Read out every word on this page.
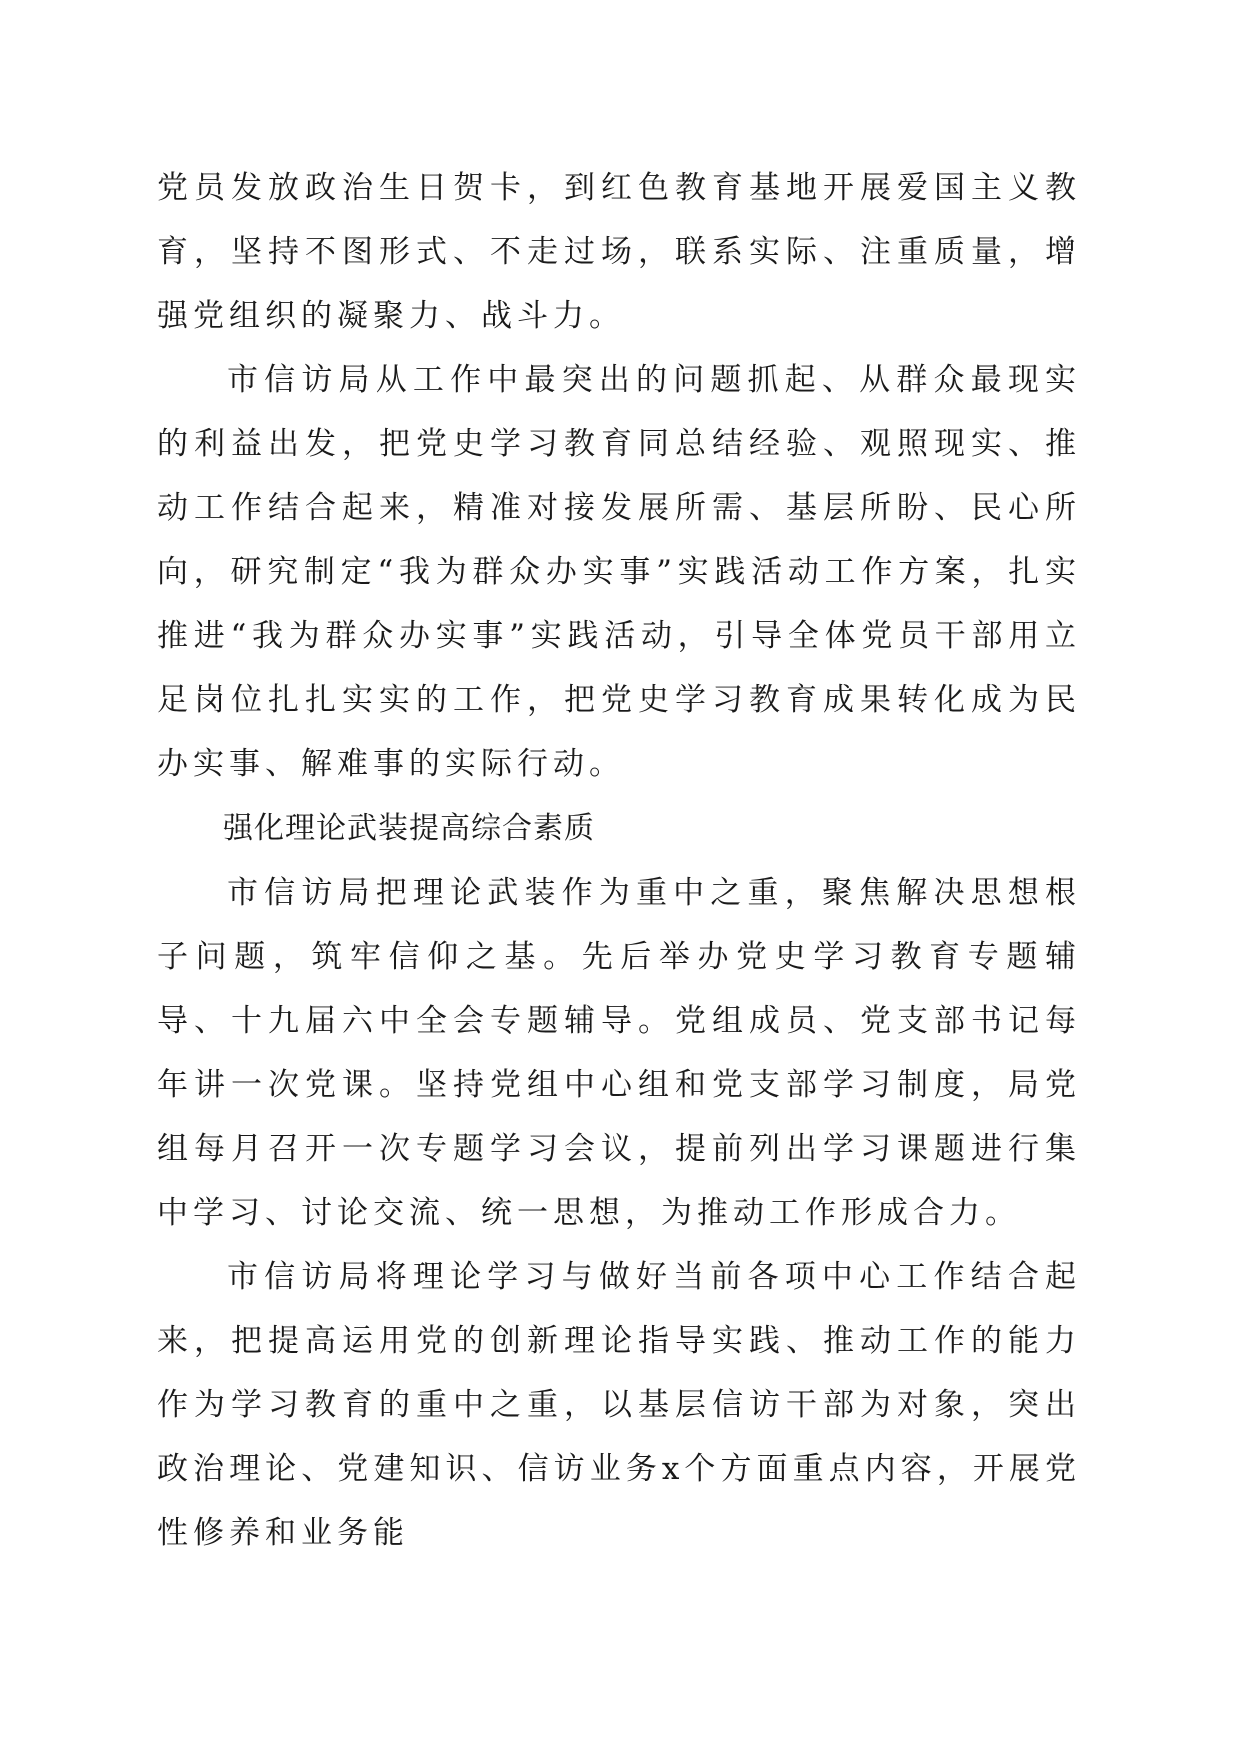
党员发放政治生日贺卡，到红色教育基地开展爱国主义教育，坚持不图形式、不走过场，联系实际、注重质量，增强党组织的凝聚力、战斗力。

市信访局从工作中最突出的问题抓起、从群众最现实的利益出发，把党史学习教育同总结经验、观照现实、推动工作结合起来，精准对接发展所需、基层所盼、民心所向，研究制定“我为群众办实事”实践活动工作方案，扎实推进“我为群众办实事”实践活动，引导全体党员干部用立足岗位扎扎实实的工作，把党史学习教育成果转化成为民办实事、解难事的实际行动。

强化理论武装提高综合素质

市信访局把理论武装作为重中之重，聚焦解决思想根子问题，筑牢信仰之基。先后举办党史学习教育专题辅导、十九届六中全会专题辅导。党组成员、党支部书记每年讲一次党课。坚持党组中心组和党支部学习制度，局党组每月召开一次专题学习会议，提前列出学习课题进行集中学习、讨论交流、统一思想，为推动工作形成合力。

市信访局将理论学习与做好当前各项中心工作结合起来，把提高运用党的创新理论指导实践、推动工作的能力作为学习教育的重中之重，以基层信访干部为对象，突出政治理论、党建知识、信访业务x个方面重点内容，开展党性修养和业务能
